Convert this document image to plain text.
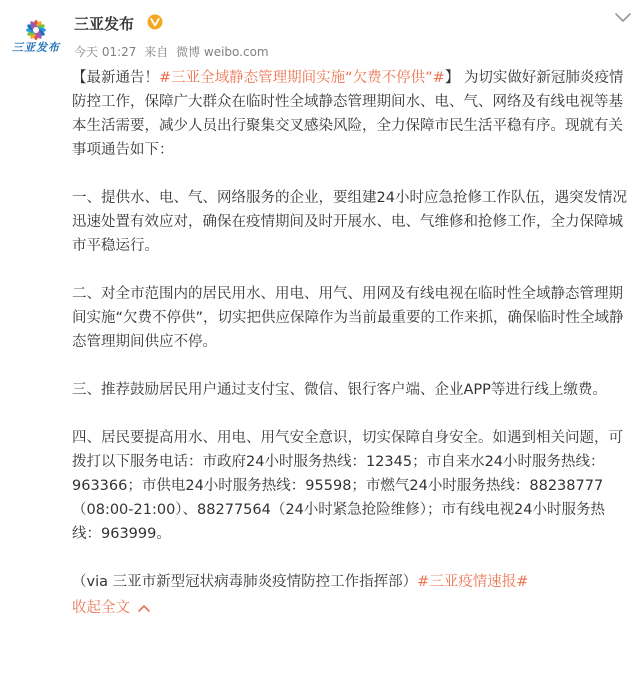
三亚发布
三亚发布
今天 01:27 来自 微博 weibo.com

【最新通告！#三亚全域静态管理期间实施“欠费不停供”#】 为切实做好新冠肺炎疫情防控工作，保障广大群众在临时性全域静态管理期间水、电、气、网络及有线电视等基本生活需要，减少人员出行聚集交叉感染风险，全力保障市民生活平稳有序。现就有关事项通告如下：

一、提供水、电、气、网络服务的企业，要组建24小时应急抢修工作队伍，遇突发情况迅速处置有效应对，确保在疫情期间及时开展水、电、气维修和抢修工作，全力保障城市平稳运行。

二、对全市范围内的居民用水、用电、用气、用网及有线电视在临时性全域静态管理期间实施“欠费不停供”，切实把供应保障作为当前最重要的工作来抓，确保临时性全域静态管理期间供应不停。

三、推荐鼓励居民用户通过支付宝、微信、银行客户端、企业APP等进行线上缴费。

四、居民要提高用水、用电、用气安全意识，切实保障自身安全。如遇到相关问题，可拨打以下服务电话：市政府24小时服务热线：12345；市自来水24小时服务热线：963366；市供电24小时服务热线：95598；市燃气24小时服务热线：88238777（08:00-21:00）、88277564（24小时紧急抢险维修）；市有线电视24小时服务热线：963999。

（via 三亚市新型冠状病毒肺炎疫情防控工作指挥部）#三亚疫情速报#

收起全文
